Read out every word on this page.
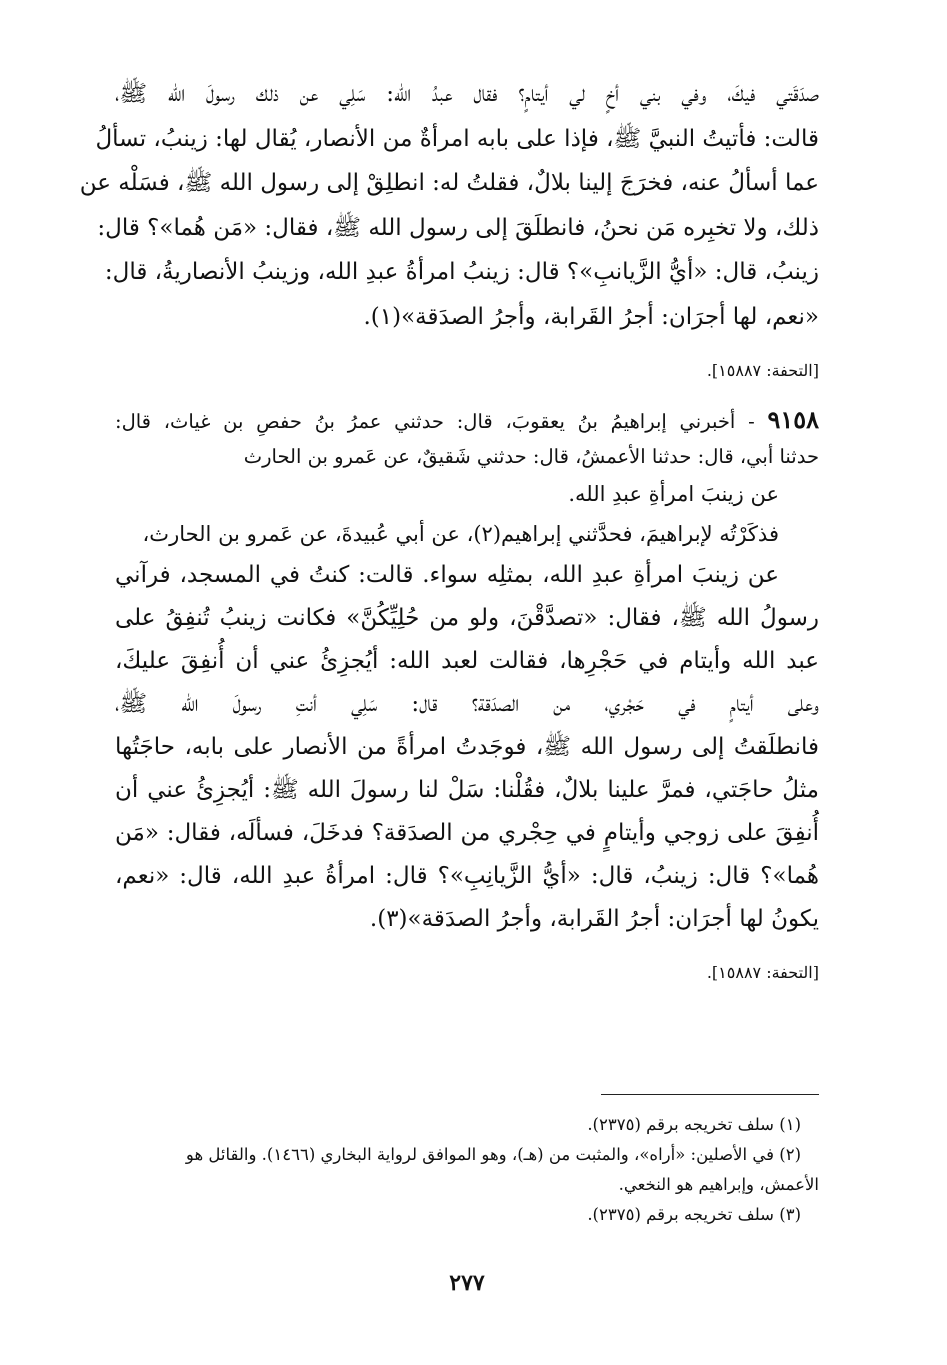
صدَقَتي فيكَ، وفي بني أخٍ لي أيتامٍ؟ فقال عبدُ الله: سَلِي عن ذلك رسولَ الله ﷺ،
قالت: فأتيتُ النبيَّ ﷺ، فإذا على بابه امرأةٌ من الأنصار، يُقال لها: زينبُ، تسألُ
عما أسألُ عنه، فخرَجَ إلينا بلالٌ، فقلتُ له: انطلِقْ إلى رسول الله ﷺ، فسَلْه عن
ذلك، ولا تخبِره مَن نحنُ، فانطلَقَ إلى رسول الله ﷺ، فقال: «مَن هُما»؟ قال:
زينبُ، قال: «أيُّ الزَّيانبِ»؟ قال: زينبُ امرأةُ عبدِ الله، وزينبُ الأنصاريةُ، قال:
«نعم، لها أجرَان: أجرُ القَرابة، وأجرُ الصدَقة»(١).

[التحفة: ١٥٨٨٧].

٩١٥٨ - أخبرني إبراهيمُ بنُ يعقوبَ، قال: حدثني عمرُ بنُ حفصِ بن غياث، قال:
حدثنا أبي، قال: حدثنا الأعمشُ، قال: حدثني شَقيقٌ، عن عَمرو بن الحارث

عن زينبَ امرأةِ عبدِ الله.

فذكَرْتُه لإبراهيمَ، فحدَّثني إبراهيم(٢)، عن أبي عُبيدةَ، عن عَمرو بن الحارث،

عن زينبَ امرأةِ عبدِ الله، بمثلِه سواء. قالت: كنتُ في المسجد، فرآني
رسولُ الله ﷺ، فقال: «تصدَّقْنَ، ولو من حُلِيِّكُنَّ» فكانت زينبُ تُنفِقُ على
عبد الله وأيتام في حَجْرِها، فقالت لعبد الله: أيُجزِئُ عني أن أُنفِقَ عليكَ،
وعلى أيتامٍ في حَجْري، من الصدَقة؟ قال: سَلِي أنتِ رسولَ الله ﷺ،
فانطلَقتُ إلى رسول الله ﷺ، فوجَدتُ امرأةً من الأنصار على بابه، حاجَتُها
مثلُ حاجَتي، فمرَّ علينا بلالٌ، فقُلْنا: سَلْ لنا رسولَ الله ﷺ: أيُجزِئُ عني أن
أُنفِقَ على زوجي وأيتامٍ في حِجْري من الصدَقة؟ فدخَلَ، فسألَه، فقال: «مَن
هُما»؟ قال: زينبُ، قال: «أيُّ الزَّيانِبِ»؟ قال: امرأةُ عبدِ الله، قال: «نعم،
يكونُ لها أجرَان: أجرُ القَرابة، وأجرُ الصدَقة»(٣).

[التحفة: ١٥٨٨٧].
(١) سلف تخريجه برقم (٢٣٧٥).
(٢) في الأصلين: «أراه»، والمثبت من (هـ)، وهو الموافق لرواية البخاري (١٤٦٦). والقائل هو
الأعمش، وإبراهيم هو النخعي.
(٣) سلف تخريجه برقم (٢٣٧٥).
٢٧٧
